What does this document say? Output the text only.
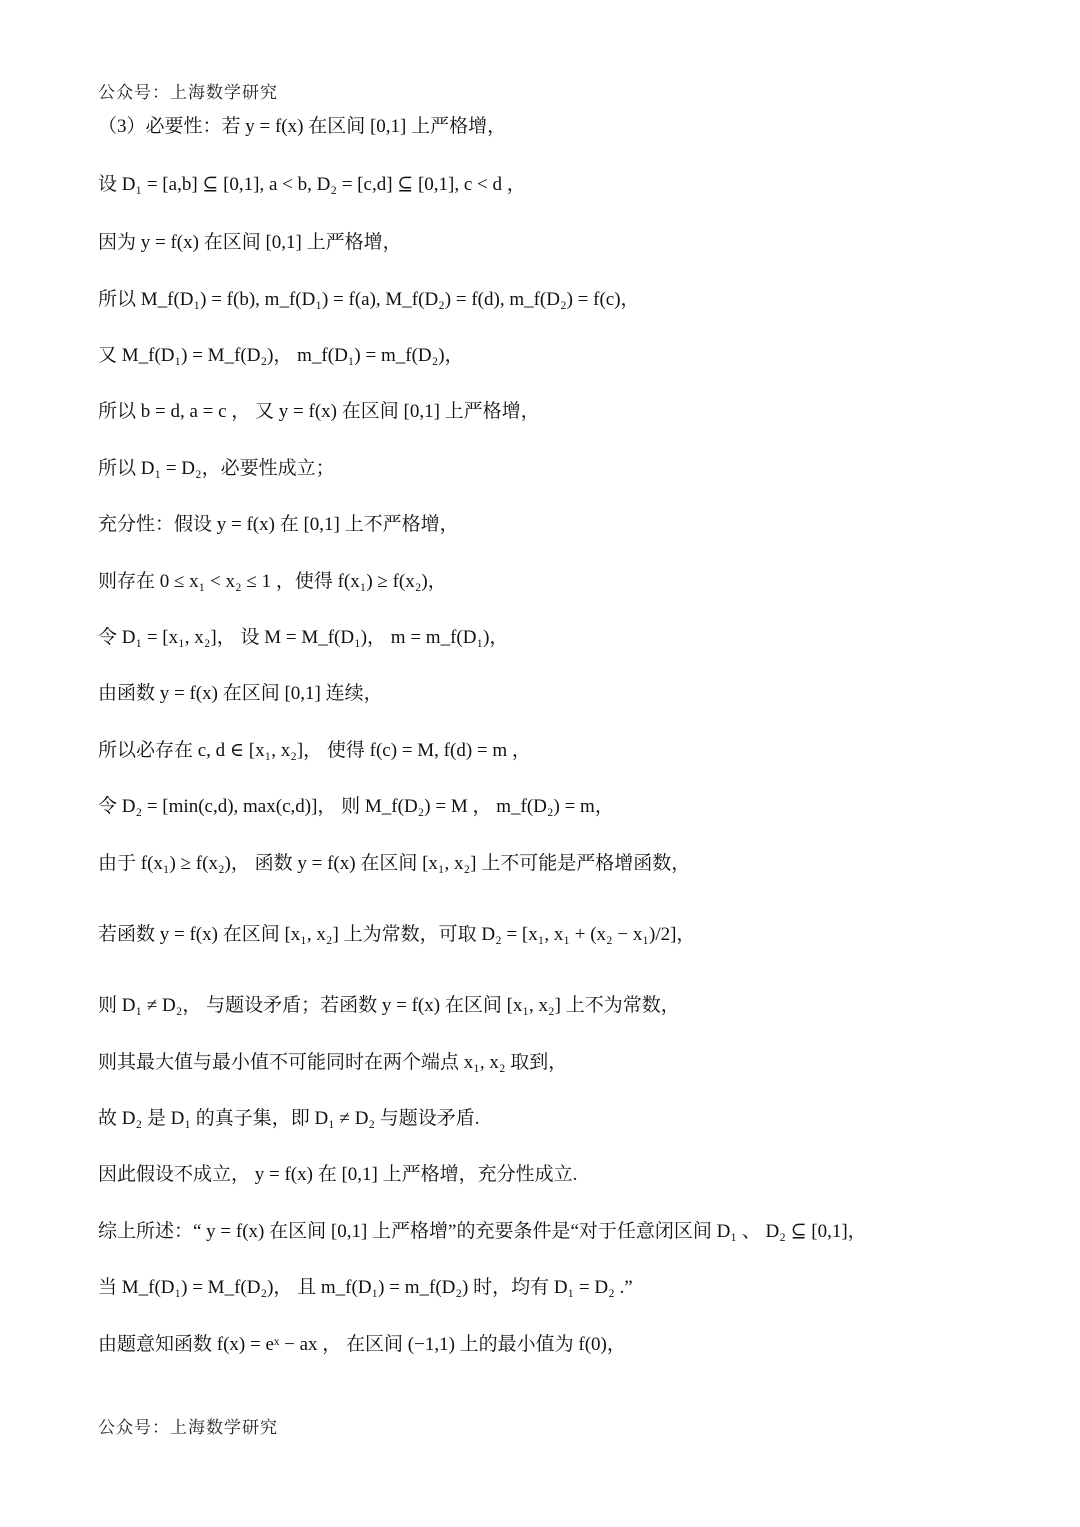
公众号：上海数学研究
（3）必要性：若 y = f(x) 在区间 [0,1] 上严格增，
设 D₁ = [a,b] ⊆ [0,1], a < b, D₂ = [c,d] ⊆ [0,1], c < d ，
因为 y = f(x) 在区间 [0,1] 上严格增，
所以 M_f(D₁) = f(b), m_f(D₁) = f(a), M_f(D₂) = f(d), m_f(D₂) = f(c)，
又 M_f(D₁) = M_f(D₂)， m_f(D₁) = m_f(D₂)，
所以 b = d, a = c ， 又 y = f(x) 在区间 [0,1] 上严格增，
所以 D₁ = D₂，必要性成立；
充分性：假设 y = f(x) 在 [0,1] 上不严格增，
则存在 0 ≤ x₁ < x₂ ≤ 1 ，使得 f(x₁) ≥ f(x₂)，
令 D₁ = [x₁, x₂]， 设 M = M_f(D₁)， m = m_f(D₁)，
由函数 y = f(x) 在区间 [0,1] 连续，
所以必存在 c, d ∈ [x₁, x₂]， 使得 f(c) = M, f(d) = m ，
令 D₂ = [min(c,d), max(c,d)]， 则 M_f(D₂) = M ， m_f(D₂) = m，
由于 f(x₁) ≥ f(x₂)， 函数 y = f(x) 在区间 [x₁, x₂] 上不可能是严格增函数，
若函数 y = f(x) 在区间 [x₁, x₂] 上为常数，可取 D₂ = [x₁, x₁ + (x₂ − x₁)/2]，
则 D₁ ≠ D₂， 与题设矛盾；若函数 y = f(x) 在区间 [x₁, x₂] 上不为常数，
则其最大值与最小值不可能同时在两个端点 x₁, x₂ 取到，
故 D₂ 是 D₁ 的真子集，即 D₁ ≠ D₂ 与题设矛盾.
因此假设不成立， y = f(x) 在 [0,1] 上严格增，充分性成立.
综上所述：“ y = f(x) 在区间 [0,1] 上严格增”的充要条件是“对于任意闭区间 D₁ 、 D₂ ⊆ [0,1]，
当 M_f(D₁) = M_f(D₂)， 且 m_f(D₁) = m_f(D₂) 时，均有 D₁ = D₂ .”
由题意知函数 f(x) = eˣ − ax ， 在区间 (−1,1) 上的最小值为 f(0)，
公众号：上海数学研究
